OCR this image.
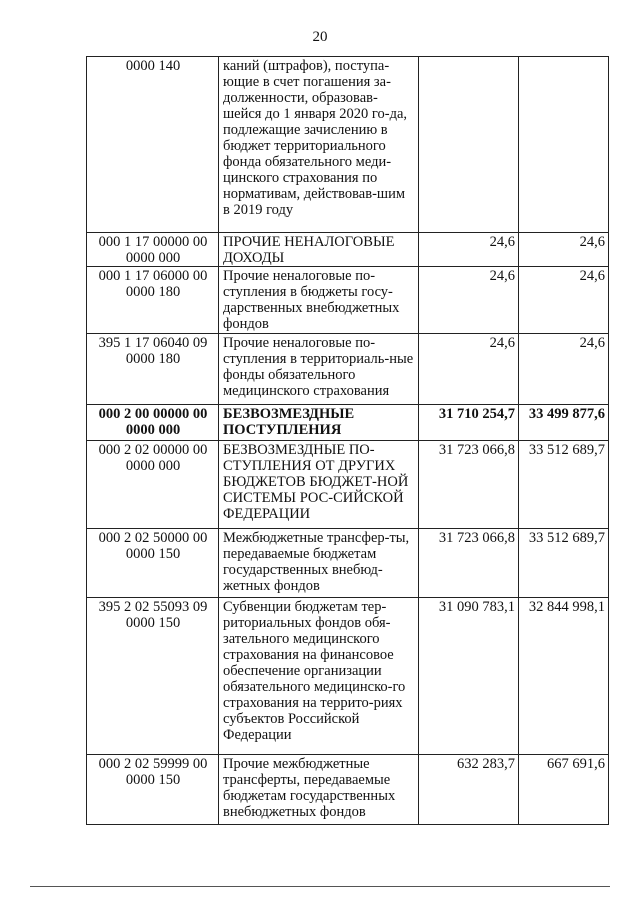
20
0000 140	каний (штрафов), поступа-ющие в счет погашения за-долженности, образовав-шейся до 1 января 2020 го-да, подлежащие зачислению в бюджет территориального фонда обязательного меди-цинского страхования по нормативам, действовав-шим в 2019 году		
000 1 17 00000 00 0000 000	ПРОЧИЕ НЕНАЛОГОВЫЕ ДОХОДЫ	24,6	24,6
000 1 17 06000 00 0000 180	Прочие неналоговые по-ступления в бюджеты госу-дарственных внебюджетных фондов	24,6	24,6
395 1 17 06040 09 0000 180	Прочие неналоговые по-ступления в территориаль-ные фонды обязательного медицинского страхования	24,6	24,6
000 2 00 00000 00 0000 000	БЕЗВОЗМЕЗДНЫЕ ПОСТУПЛЕНИЯ	31 710 254,7	33 499 877,6
000 2 02 00000 00 0000 000	БЕЗВОЗМЕЗДНЫЕ ПО-СТУПЛЕНИЯ ОТ ДРУГИХ БЮДЖЕТОВ БЮДЖЕТ-НОЙ СИСТЕМЫ РОС-СИЙСКОЙ ФЕДЕРАЦИИ	31 723 066,8	33 512 689,7
000 2 02 50000 00 0000 150	Межбюджетные трансфер-ты, передаваемые бюджетам государственных внебюд-жетных фондов	31 723 066,8	33 512 689,7
395 2 02 55093 09 0000 150	Субвенции бюджетам тер-риториальных фондов обя-зательного медицинского страхования на финансовое обеспечение организации обязательного медицинско-го страхования на террито-риях субъектов Российской Федерации	31 090 783,1	32 844 998,1
000 2 02 59999 00 0000 150	Прочие межбюджетные трансферты, передаваемые бюджетам государственных внебюджетных фондов	632 283,7	667 691,6
